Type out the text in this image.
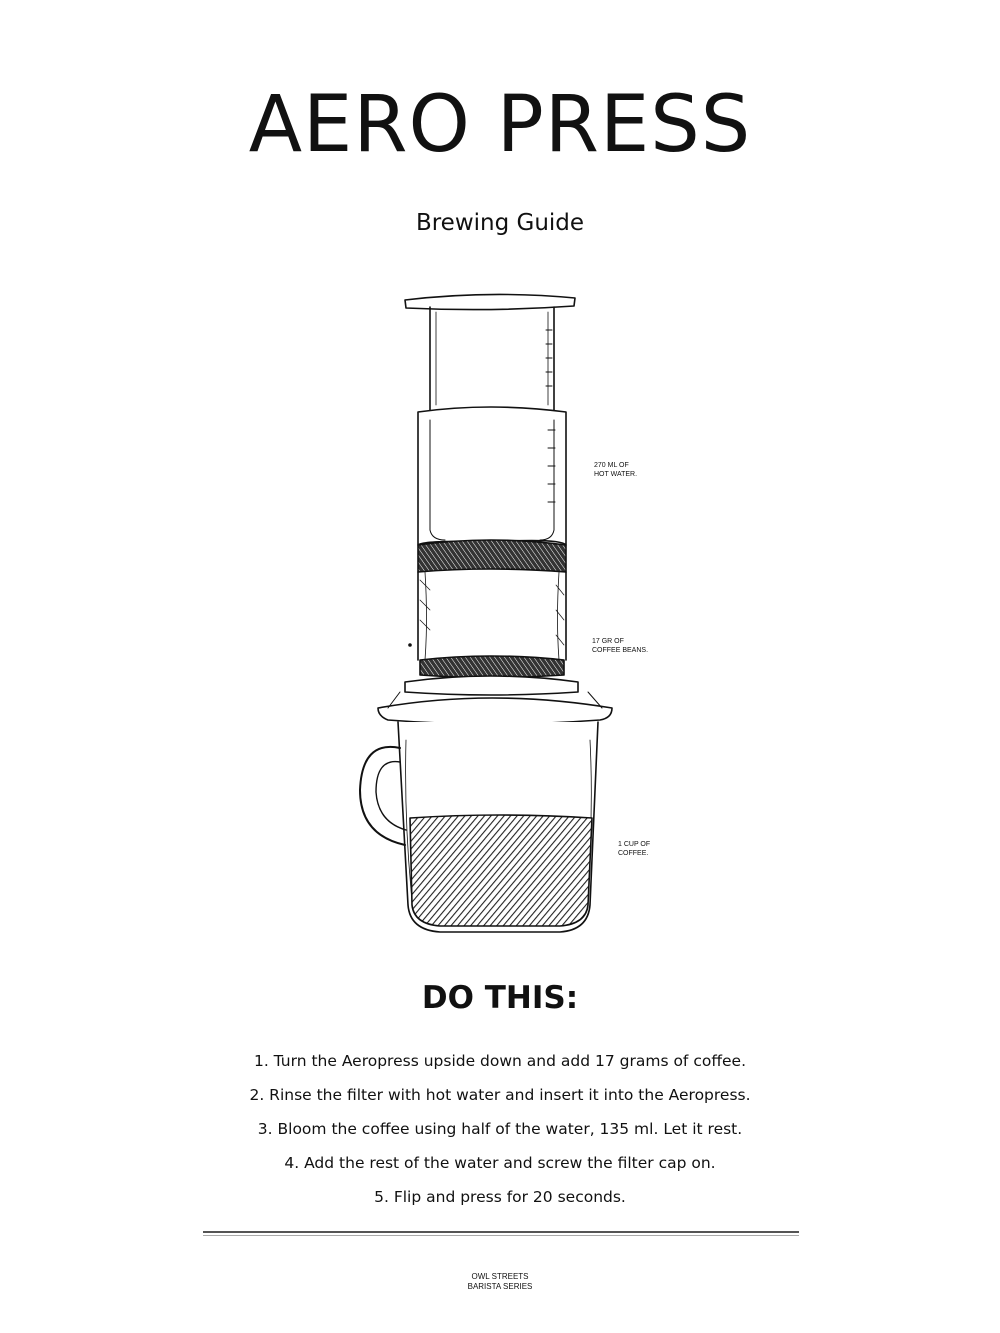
AERO PRESS
Brewing Guide
270 ML OF
HOT WATER.
17 GR OF
COFFEE BEANS.
1 CUP OF
COFFEE.
DO THIS:
1. Turn the Aeropress upside down and add 17 grams of coffee.
2. Rinse the filter with hot water and insert it into the Aeropress.
3. Bloom the coffee using half of the water, 135 ml. Let it rest.
4. Add the rest of the water and screw the filter cap on.
5. Flip and press for 20 seconds.
OWL STREETS
BARISTA SERIES
